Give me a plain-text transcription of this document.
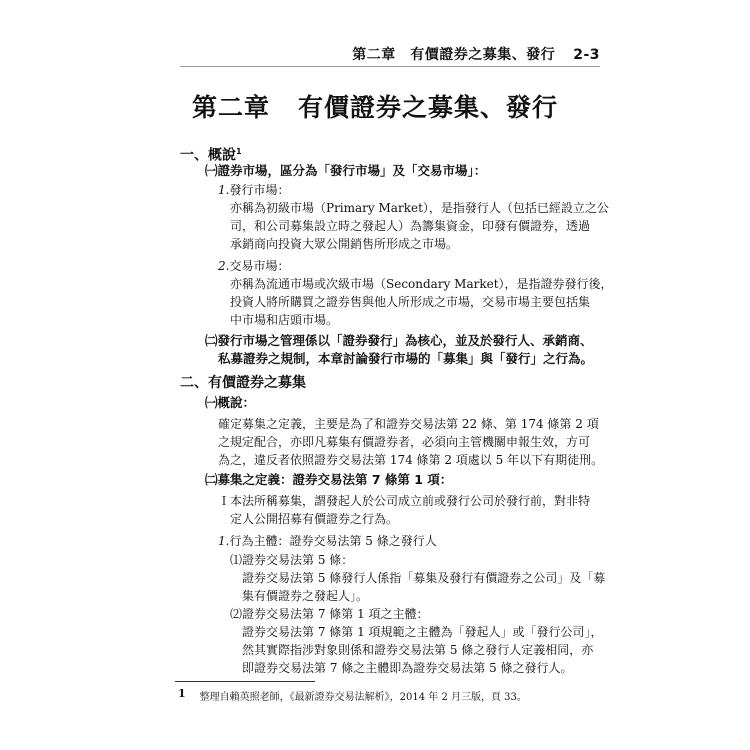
第二章　有價證券之募集、發行 2-3
第二章 有價證券之募集、發行
一、概說$^1$
㈠證券市場，區分為「發行市場」及「交易市場」：
1.發行市場：
亦稱為初級市場（Primary Market），是指發行人（包括已經設立之公
司，和公司募集設立時之發起人）為籌集資金，印發有價證券，透過
承銷商向投資大眾公開銷售所形成之市場。
2.交易市場：
亦稱為流通市場或次級市場（Secondary Market），是指證券發行後，
投資人將所購買之證券售與他人所形成之市場，交易市場主要包括集
中市場和店頭市場。
㈡發行市場之管理係以「證券發行」為核心，並及於發行人、承銷商、
私募證券之規制，本章討論發行市場的「募集」與「發行」之行為。
二、有價證券之募集
㈠概說：
確定募集之定義，主要是為了和證券交易法第 22 條、第 174 條第 2 項
之規定配合，亦即凡募集有價證券者，必須向主管機關申報生效，方可
為之，違反者依照證券交易法第 174 條第 2 項處以 5 年以下有期徒刑。
㈡募集之定義：證券交易法第 7 條第 1 項：
Ｉ本法所稱募集，謂發起人於公司成立前或發行公司於發行前，對非特
定人公開招募有價證券之行為。
1.行為主體：證券交易法第 5 條之發行人
⑴證券交易法第 5 條：
證券交易法第 5 條發行人係指「募集及發行有價證券之公司」及「募
集有價證券之發起人」。
⑵證券交易法第 7 條第 1 項之主體：
證券交易法第 7 條第 1 項規範之主體為「發起人」或「發行公司」，
然其實際指涉對象則係和證券交易法第 5 條之發行人定義相同，亦
即證券交易法第 7 條之主體即為證券交易法第 5 條之發行人。
1 整理自賴英照老師，《最新證券交易法解析》，2014 年 2 月三版，頁 33。
